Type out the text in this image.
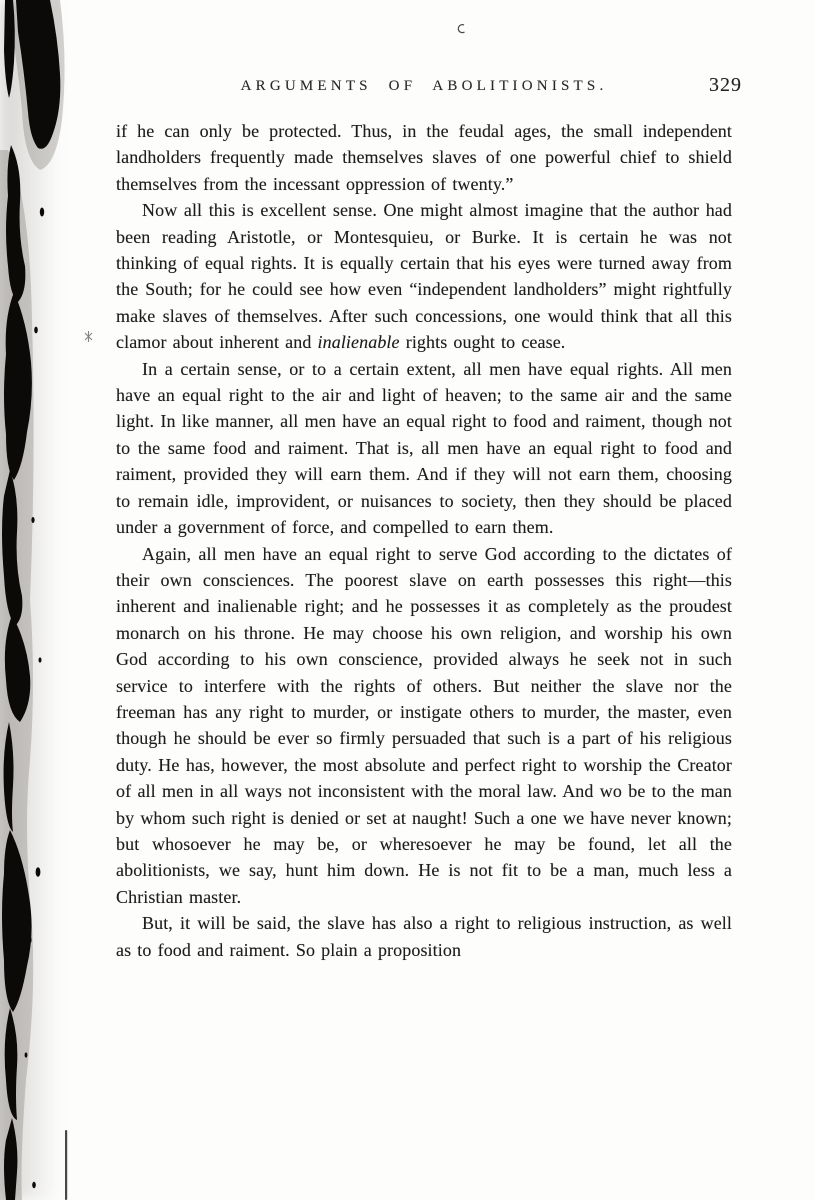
ARGUMENTS OF ABOLITIONISTS.	329

if he can only be protected. Thus, in the feudal ages, the small independent landholders frequently made themselves slaves of one powerful chief to shield themselves from the incessant oppression of twenty.”

Now all this is excellent sense. One might almost imagine that the author had been reading Aristotle, or Montesquieu, or Burke. It is certain he was not thinking of equal rights. It is equally certain that his eyes were turned away from the South; for he could see how even “independent landholders” might rightfully make slaves of themselves. After such concessions, one would think that all this clamor about inherent and inalienable rights ought to cease.

In a certain sense, or to a certain extent, all men have equal rights. All men have an equal right to the air and light of heaven; to the same air and the same light. In like manner, all men have an equal right to food and raiment, though not to the same food and raiment. That is, all men have an equal right to food and raiment, provided they will earn them. And if they will not earn them, choosing to remain idle, improvident, or nuisances to society, then they should be placed under a government of force, and compelled to earn them.

Again, all men have an equal right to serve God according to the dictates of their own consciences. The poorest slave on earth possesses this right—this inherent and inalienable right; and he possesses it as completely as the proudest monarch on his throne. He may choose his own religion, and worship his own God according to his own conscience, provided always he seek not in such service to interfere with the rights of others. But neither the slave nor the freeman has any right to murder, or instigate others to murder, the master, even though he should be ever so firmly persuaded that such is a part of his religious duty. He has, however, the most absolute and perfect right to worship the Creator of all men in all ways not inconsistent with the moral law. And wo be to the man by whom such right is denied or set at naught! Such a one we have never known; but whosoever he may be, or wheresoever he may be found, let all the abolitionists, we say, hunt him down. He is not fit to be a man, much less a Christian master.

But, it will be said, the slave has also a right to religious instruction, as well as to food and raiment. So plain a proposition
